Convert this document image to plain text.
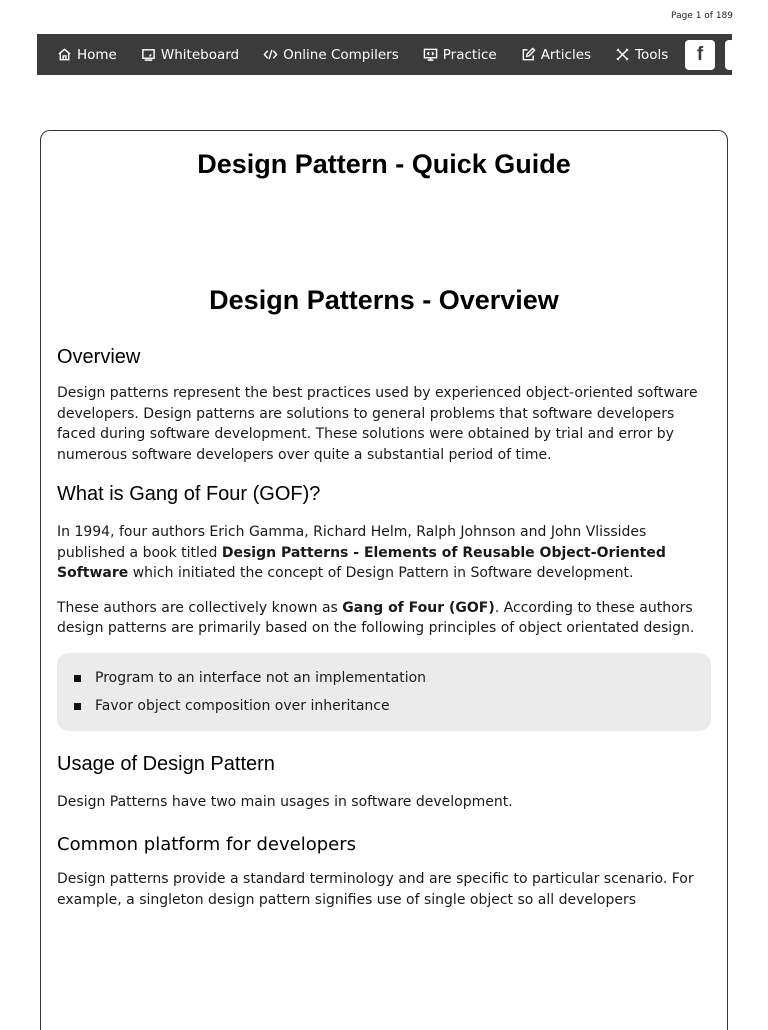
Page 1 of 189
Home	Whiteboard	Online Compilers	Practice	Articles	Tools	f
Design Pattern - Quick Guide
Design Patterns - Overview
Overview

Design patterns represent the best practices used by experienced object-oriented software developers. Design patterns are solutions to general problems that software developers faced during software development. These solutions were obtained by trial and error by numerous software developers over quite a substantial period of time.

What is Gang of Four (GOF)?

In 1994, four authors Erich Gamma, Richard Helm, Ralph Johnson and John Vlissides published a book titled Design Patterns - Elements of Reusable Object-Oriented Software which initiated the concept of Design Pattern in Software development.

These authors are collectively known as Gang of Four (GOF). According to these authors design patterns are primarily based on the following principles of object orientated design.

Program to an interface not an implementation
Favor object composition over inheritance
Usage of Design Pattern

Design Patterns have two main usages in software development.

Common platform for developers

Design patterns provide a standard terminology and are specific to particular scenario. For example, a singleton design pattern signifies use of single object so all developers
